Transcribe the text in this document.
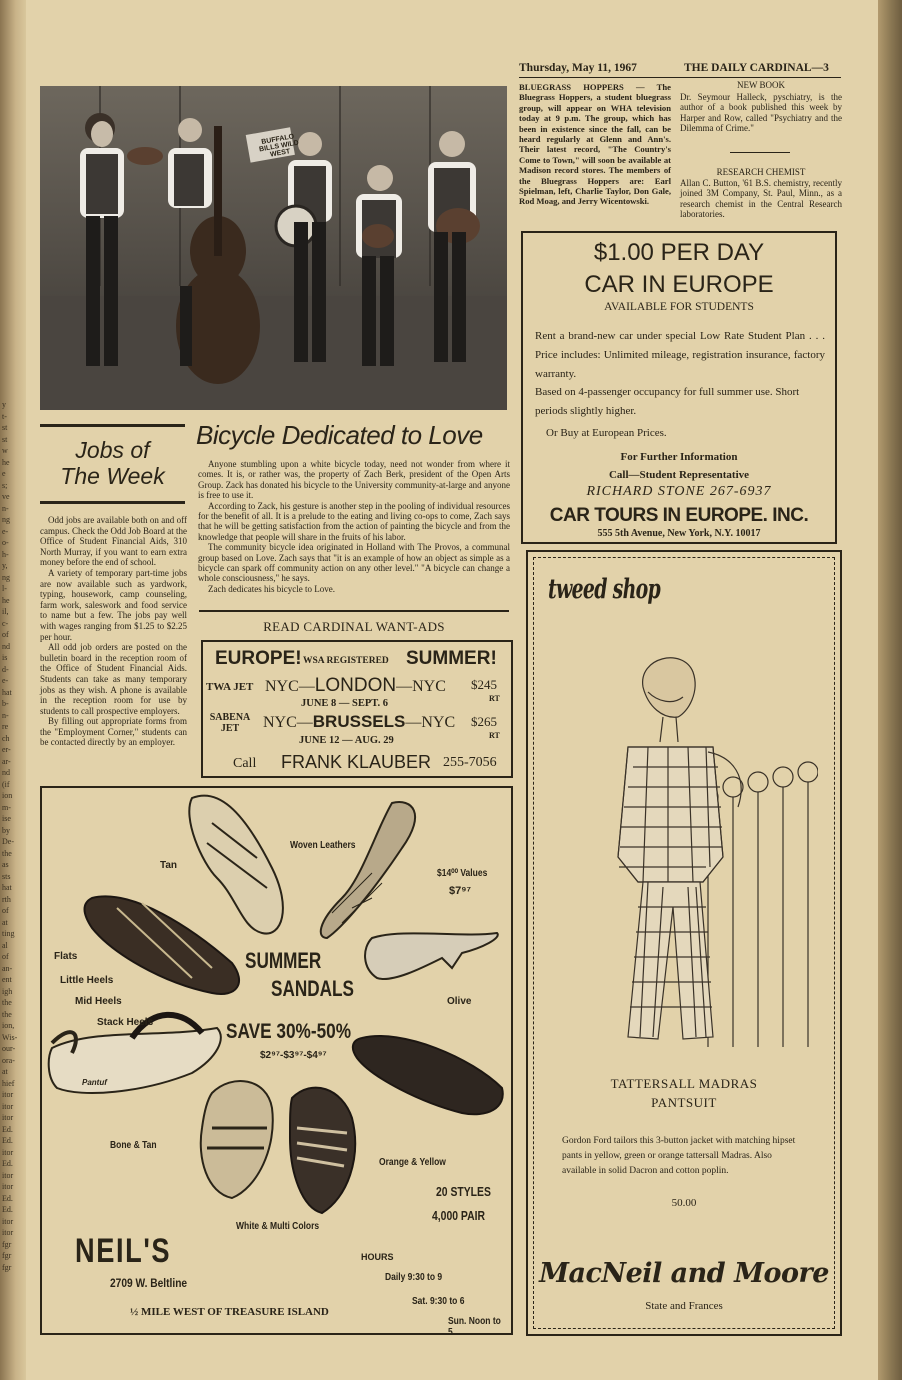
y
t-
st
st
w
he
e
s;
ve
n-
ng
e-
o-
h-
y,
ng
l-
he
il,
c-
of
nd
is
d-
e-
hat
b-
n-
re
ch
er-
ar-
nd
(if
ion
m-
ise
by
De-
the
as
sts
hat
rth
of
at
ting
al
of
an-
ent
igh
the
the
ion,
Wis-
our-
ora-
at
hief
itor
itor
itor
Ed.
Ed.
itor
Ed.
itor
itor
Ed.
Ed.
itor
itor
fgr
fgr
fgr
Thursday, May 11, 1967	THE DAILY CARDINAL—3
BUFFALO BILLS WILD WEST
BLUEGRASS HOPPERS — The Bluegrass Hoppers, a student bluegrass group, will appear on WHA television today at 9 p.m. The group, which has been in existence since the fall, can be heard regularly at Glenn and Ann's. Their latest record, "The Country's Come to Town," will soon be available at Madison record stores. The members of the Bluegrass Hoppers are: Earl Spielman, left, Charlie Taylor, Don Gale, Rod Moag, and Jerry Wicentowski.
NEW BOOK
Dr. Seymour Halleck, pyschiatry, is the author of a book published this week by Harper and Row, called "Psychiatry and the Dilemma of Crime."
RESEARCH CHEMIST
Allan C. Button, '61 B.S. chemistry, recently joined 3M Company, St. Paul, Minn., as a research chemist in the Central Research laboratories.
$1.00 PER DAY
CAR IN EUROPE
AVAILABLE FOR STUDENTS
Rent a brand-new car under special Low Rate Student Plan . . . Price includes: Unlimited mileage, registration insurance, factory warranty.
Based on 4-passenger occupancy for full summer use. Short periods slightly higher.
Or Buy at European Prices.
For Further Information
Call—Student Representative
RICHARD STONE 267-6937
CAR TOURS IN EUROPE. INC.
555 5th Avenue, New York, N.Y. 10017
Jobs of
The Week
Odd jobs are available both on and off campus. Check the Odd Job Board at the Office of Student Financial Aids, 310 North Murray, if you want to earn extra money before the end of school.
A variety of temporary part-time jobs are now available such as yardwork, typing, housework, camp counseling, farm work, saleswork and food service to name but a few. The jobs pay well with wages ranging from $1.25 to $2.25 per hour.
All odd job orders are posted on the bulletin board in the reception room of the Office of Student Financial Aids. Students can take as many temporary jobs as they wish. A phone is available in the reception room for use by students to call prospective employers.
By filling out appropriate forms from the "Employment Corner," students can be contacted directly by an employer.
Bicycle Dedicated to Love
Anyone stumbling upon a white bicycle today, need not wonder from where it comes. It is, or rather was, the property of Zach Berk, president of the Open Arts Group. Zack has donated his bicycle to the University community-at-large and anyone is free to use it.
According to Zack, his gesture is another step in the pooling of individual resources for the benefit of all. It is a prelude to the eating and living co-ops to come, Zach says that he will be getting satisfaction from the action of painting the bicycle and from the knowledge that people will share in the fruits of his labor.
The community bicycle idea originated in Holland with The Provos, a communal group based on Love. Zach says that "it is an example of how an object as simple as a bicycle can spark off community action on any other level." "A bicycle can change a whole consciousness," he says.
Zach dedicates his bicycle to Love.
READ CARDINAL WANT-ADS
EUROPE! WSA REGISTERED SUMMER!
TWA JET NYC—LONDON—NYC $245
RT
JUNE 8 — SEPT. 6
SABENA
JET	NYC—BRUSSELS—NYC $265
RT
JUNE 12 — AUG. 29
Call FRANK KLAUBER 255-7056
Tan
Woven Leathers
$14⁰⁰ Values
$7⁹⁷
Flats
Little Heels
Mid Heels
Stack Heels
SUMMER
SANDALS
Olive
SAVE 30%-50%
$2⁹⁷-$3⁹⁷-$4⁹⁷
Pantuf
Bone & Tan
Orange & Yellow
20 STYLES
4,000 PAIR
White & Multi Colors
NEIL'S
2709 W. Beltline
HOURS
Daily 9:30 to 9
Sat. 9:30 to 6
Sun. Noon to 5
½ MILE WEST OF TREASURE ISLAND
tweed shop
TATTERSALL MADRAS
PANTSUIT
Gordon Ford tailors this 3-button jacket with matching hipset pants in yellow, green or orange tattersall Madras. Also available in solid Dacron and cotton poplin.
50.00
MacNeil and Moore
State and Frances
